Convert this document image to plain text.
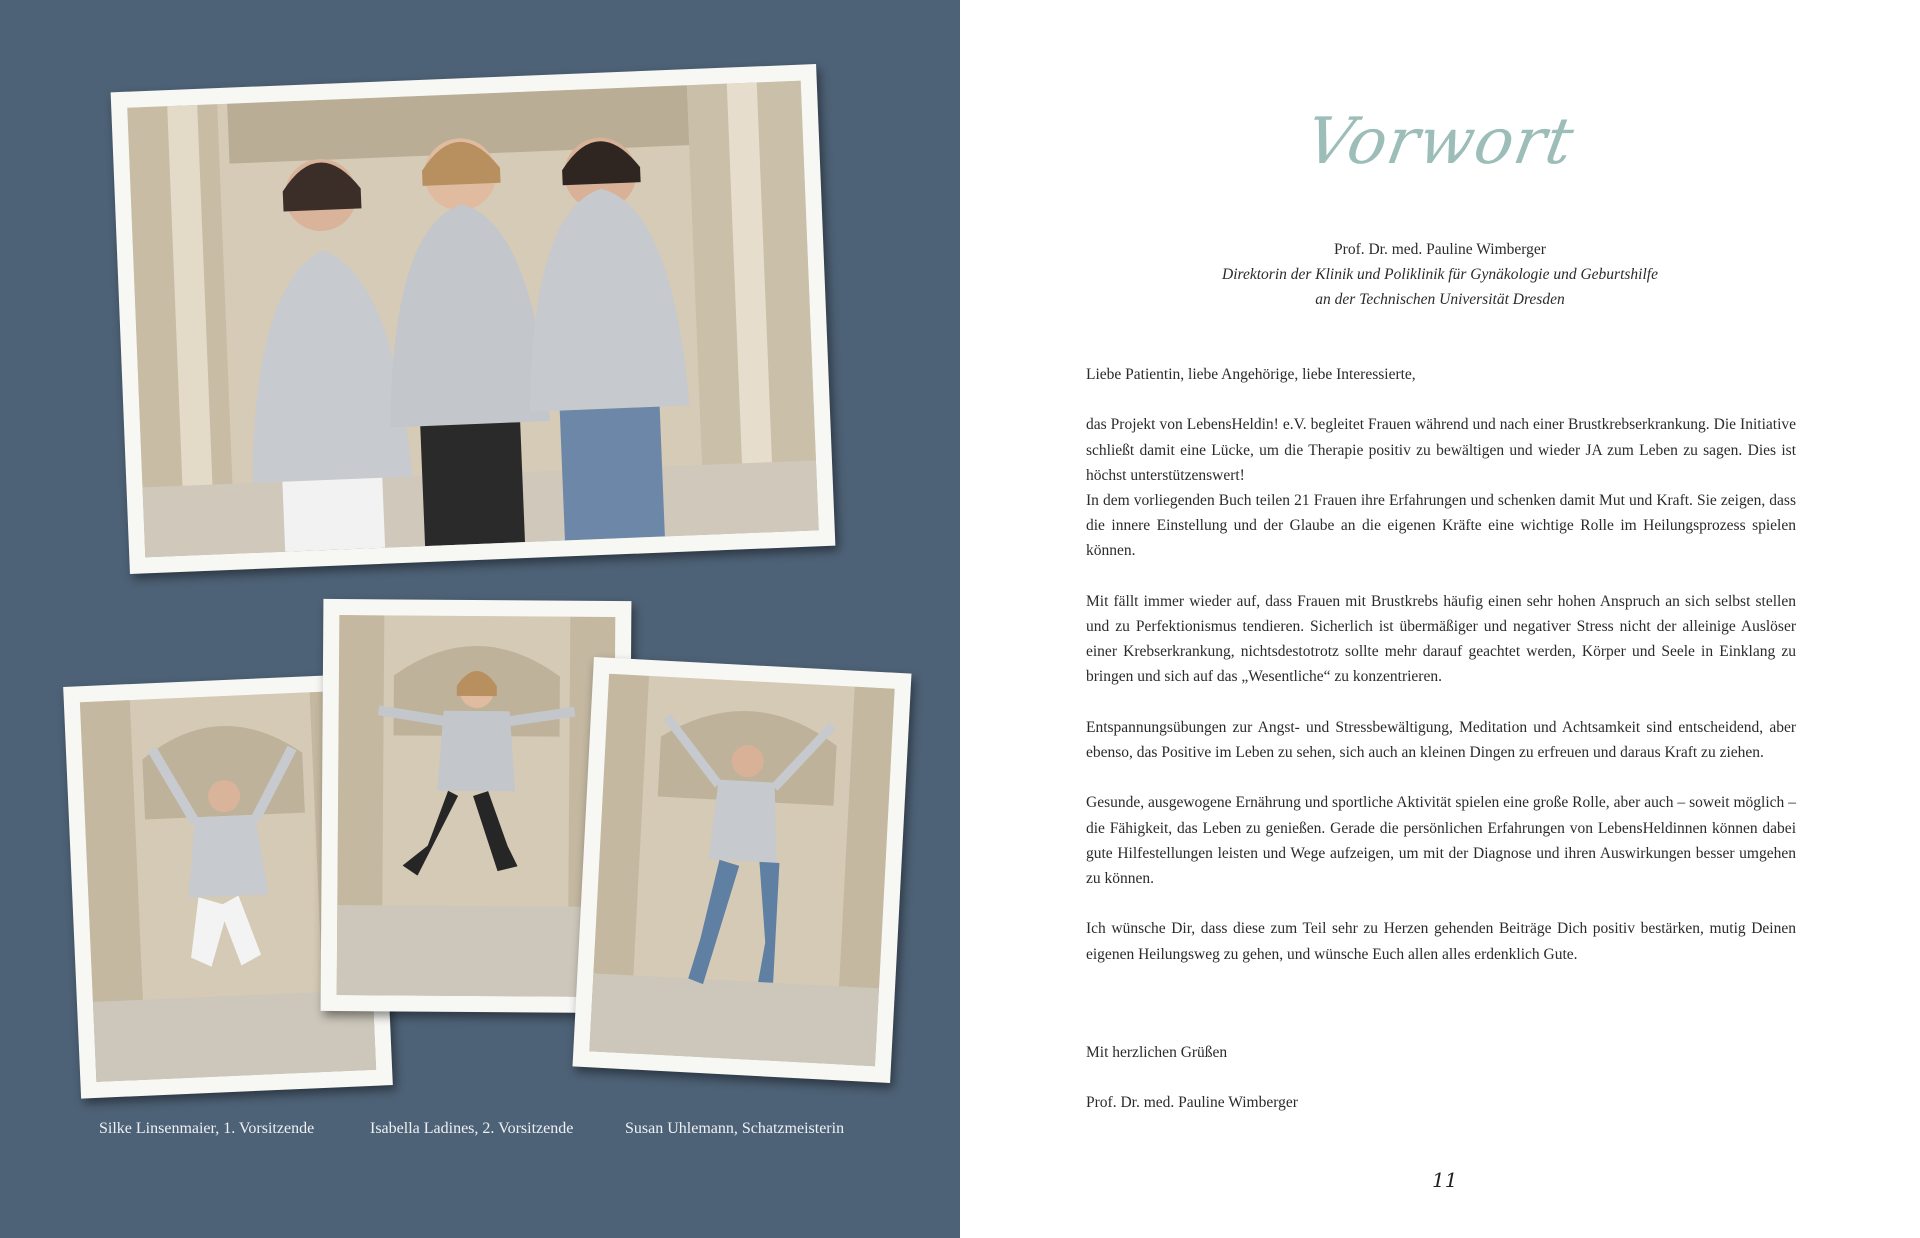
Silke Linsenmaier, 1. Vorsitzende	Isabella Ladines, 2. Vorsitzende	Susan Uhlemann, Schatzmeisterin
Vorwort
Prof. Dr. med. Pauline Wimberger
Direktorin der Klinik und Poliklinik für Gynäkologie und Geburtshilfe
an der Technischen Universität Dresden

Liebe Patientin, liebe Angehörige, liebe Interessierte,

das Projekt von LebensHeldin! e.V. begleitet Frauen während und nach einer Brustkrebserkrankung. Die Initiative schließt damit eine Lücke, um die Therapie positiv zu bewältigen und wieder JA zum Leben zu sagen. Dies ist höchst unterstützenswert!
In dem vorliegenden Buch teilen 21 Frauen ihre Erfahrungen und schenken damit Mut und Kraft. Sie zeigen, dass die innere Einstellung und der Glaube an die eigenen Kräfte eine wichtige Rolle im Heilungsprozess spielen können.

Mit fällt immer wieder auf, dass Frauen mit Brustkrebs häufig einen sehr hohen Anspruch an sich selbst stellen und zu Perfektionismus tendieren. Sicherlich ist übermäßiger und negativer Stress nicht der alleinige Auslöser einer Krebserkrankung, nichtsdestotrotz sollte mehr darauf geachtet werden, Körper und Seele in Einklang zu bringen und sich auf das „Wesentliche“ zu konzentrieren.

Entspannungsübungen zur Angst- und Stressbewältigung, Meditation und Achtsamkeit sind entscheidend, aber ebenso, das Positive im Leben zu sehen, sich auch an kleinen Dingen zu erfreuen und daraus Kraft zu ziehen.

Gesunde, ausgewogene Ernährung und sportliche Aktivität spielen eine große Rolle, aber auch – soweit möglich – die Fähigkeit, das Leben zu genießen. Gerade die persönlichen Erfahrungen von LebensHeldinnen können dabei gute Hilfestellungen leisten und Wege aufzeigen, um mit der Diagnose und ihren Auswirkungen besser umgehen zu können.

Ich wünsche Dir, dass diese zum Teil sehr zu Herzen gehenden Beiträge Dich positiv bestärken, mutig Deinen eigenen Heilungsweg zu gehen, und wünsche Euch allen alles erdenklich Gute.

Mit herzlichen Grüßen
Prof. Dr. med. Pauline Wimberger
11
